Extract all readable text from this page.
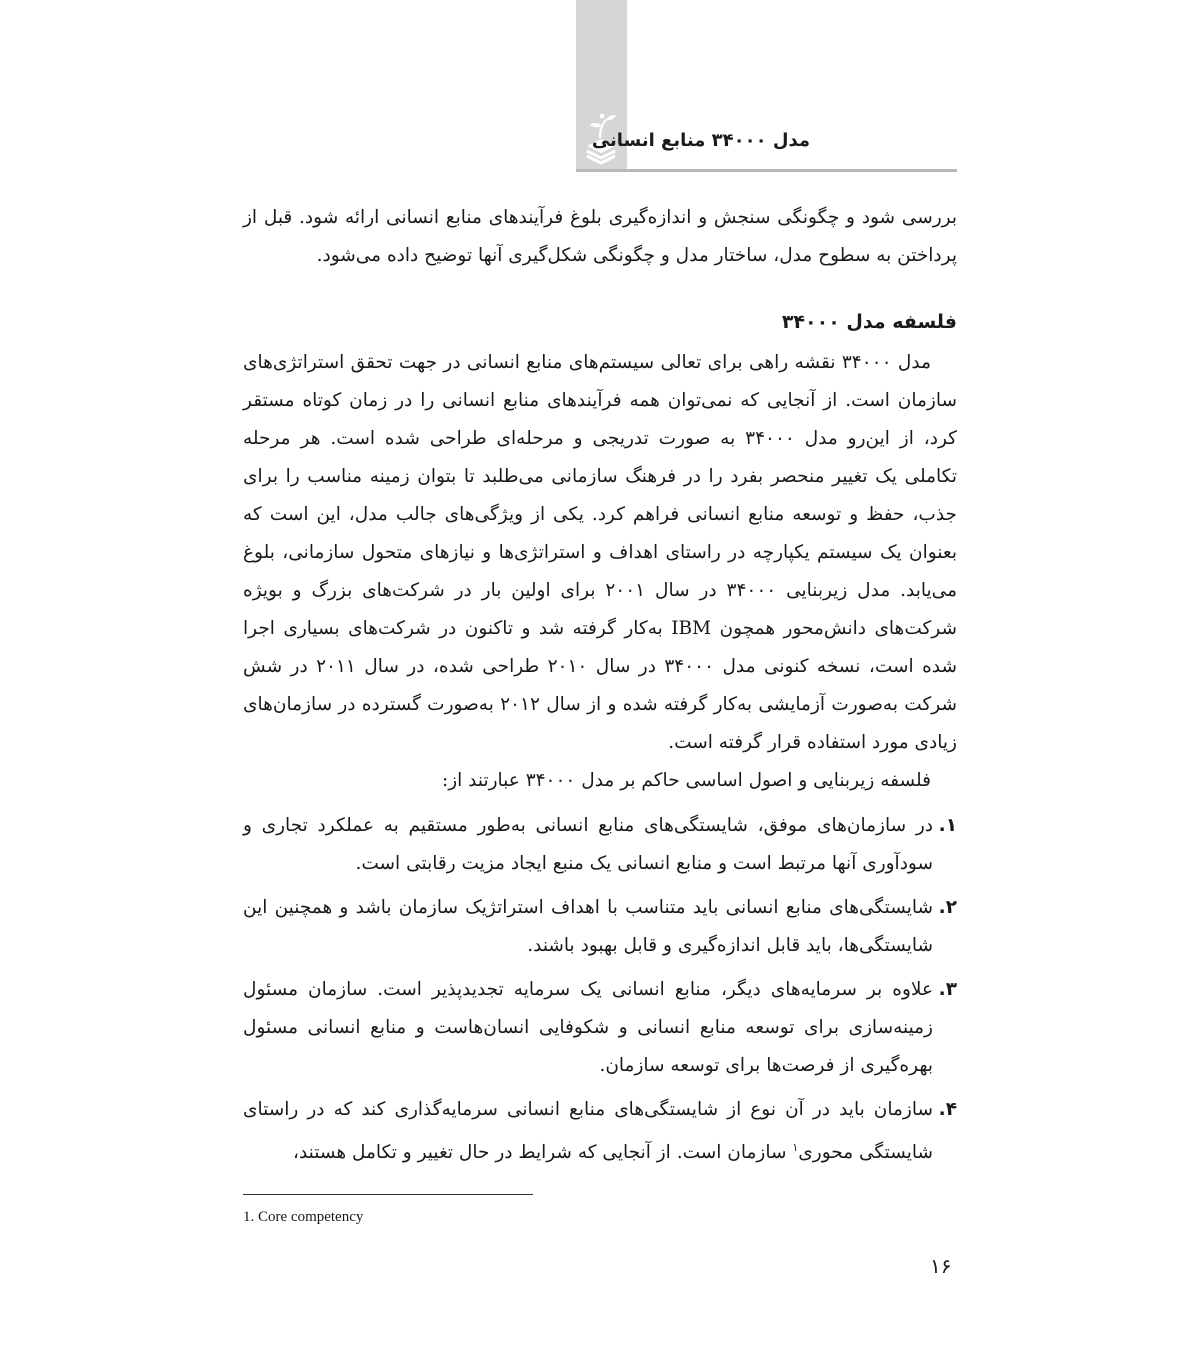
مدل ۳۴۰۰۰ منابع انسانی

بررسی شود و چگونگی سنجش و اندازه‌گیری بلوغ فرآیندهای منابع انسانی ارائه شود. قبل از پرداختن به سطوح مدل، ساختار مدل و چگونگی شکل‌گیری آنها توضیح داده می‌شود.

فلسفه مدل ۳۴۰۰۰

مدل ۳۴۰۰۰ نقشه راهی برای تعالی سیستم‌های منابع انسانی در جهت تحقق استراتژی‌های سازمان است. از آنجایی که نمی‌توان همه فرآیندهای منابع انسانی را در زمان کوتاه مستقر کرد، از این‌رو مدل ۳۴۰۰۰ به صورت تدریجی و مرحله‌ای طراحی شده است. هر مرحله تکاملی یک تغییر منحصر بفرد را در فرهنگ سازمانی می‌طلبد تا بتوان زمینه مناسب را برای جذب، حفظ و توسعه منابع انسانی فراهم کرد. یکی از ویژگی‌های جالب مدل، این است که بعنوان یک سیستم یکپارچه در راستای اهداف و استراتژی‌ها و نیازهای متحول سازمانی، بلوغ می‌یابد. مدل زیربنایی ۳۴۰۰۰ در سال ۲۰۰۱ برای اولین بار در شرکت‌های بزرگ و بویژه شرکت‌های دانش‌محور همچون IBM به‌کار گرفته شد و تاکنون در شرکت‌های بسیاری اجرا شده است، نسخه کنونی مدل ۳۴۰۰۰ در سال ۲۰۱۰ طراحی شده، در سال ۲۰۱۱ در شش شرکت به‌صورت آزمایشی به‌کار گرفته شده و از سال ۲۰۱۲ به‌صورت گسترده در سازمان‌های زیادی مورد استفاده قرار گرفته است.

فلسفه زیربنایی و اصول اساسی حاکم بر مدل ۳۴۰۰۰ عبارتند از:

۱.
در سازمان‌های موفق، شایستگی‌های منابع انسانی به‌طور مستقیم به عملکرد تجاری و سودآوری آنها مرتبط است و منابع انسانی یک منبع ایجاد مزیت رقابتی است.
۲.
شایستگی‌های منابع انسانی باید متناسب با اهداف استراتژیک سازمان باشد و همچنین این شایستگی‌ها، باید قابل اندازه‌گیری و قابل بهبود باشند.
۳.
علاوه بر سرمایه‌های دیگر، منابع انسانی یک سرمایه تجدیدپذیر است. سازمان مسئول زمینه‌سازی برای توسعه منابع انسانی و شکوفایی انسان‌هاست و منابع انسانی مسئول بهره‌گیری از فرصت‌ها برای توسعه سازمان.
۴.
سازمان باید در آن نوع از شایستگی‌های منابع انسانی سرمایه‌گذاری کند که در راستای شایستگی محوری$^۱$ سازمان است. از آنجایی که شرایط در حال تغییر و تکامل هستند،
1. Core competency
۱۶
